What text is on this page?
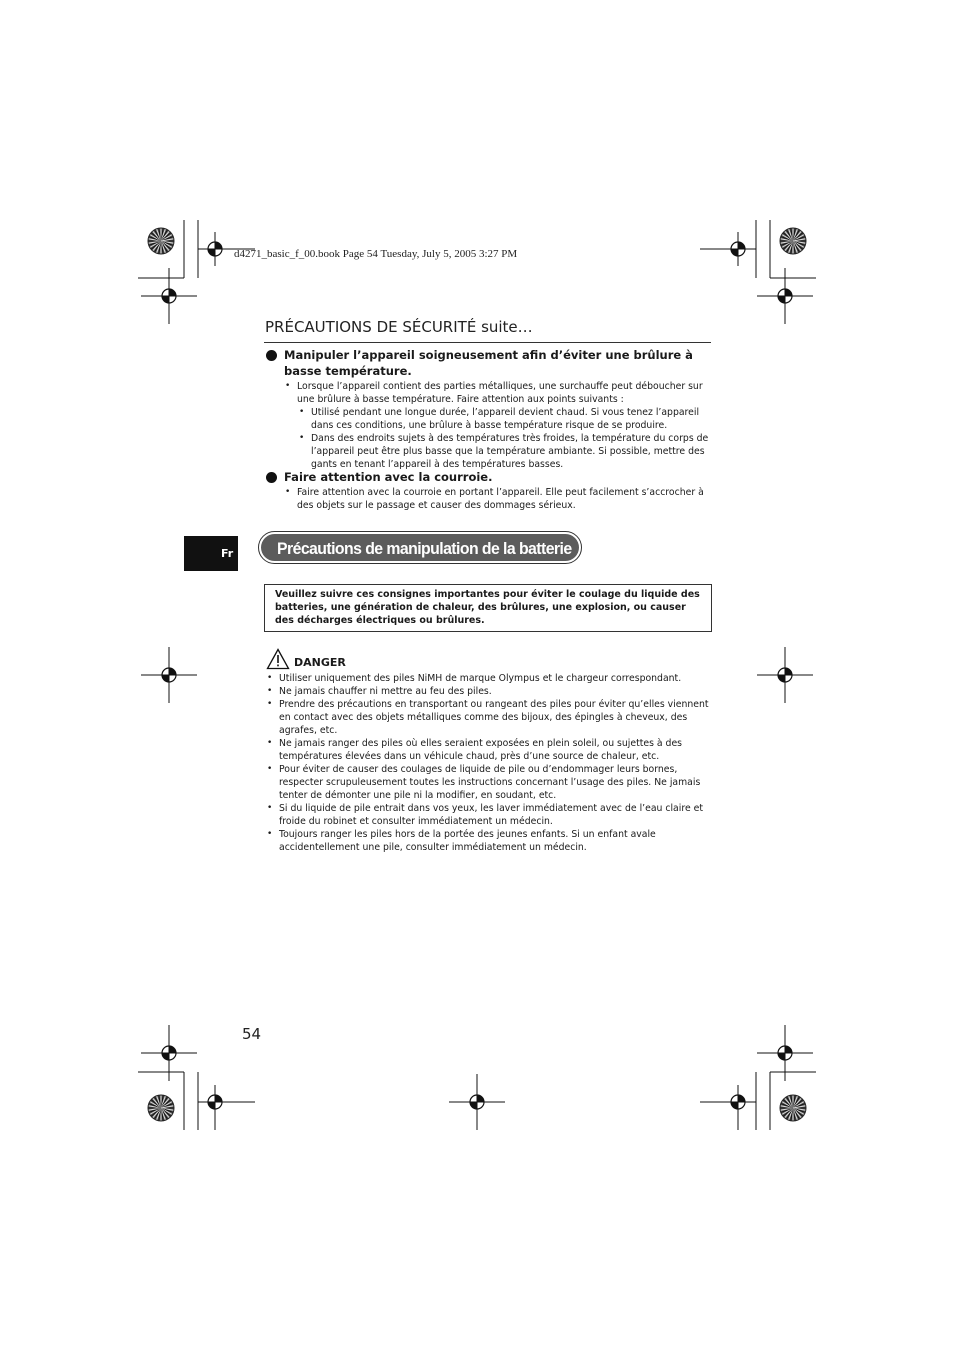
d4271_basic_f_00.book Page 54 Tuesday, July 5, 2005 3:27 PM
PRÉCAUTIONS DE SÉCURITÉ suite…
Manipuler l’appareil soigneusement afin d’éviter une brûlure à basse température.
• Lorsque l’appareil contient des parties métalliques, une surchauffe peut déboucher sur une brûlure à basse température. Faire attention aux points suivants :
• Utilisé pendant une longue durée, l’appareil devient chaud. Si vous tenez l’appareil dans ces conditions, une brûlure à basse température risque de se produire.
• Dans des endroits sujets à des températures très froides, la température du corps de l’appareil peut être plus basse que la température ambiante. Si possible, mettre des gants en tenant l’appareil à des températures basses.
Faire attention avec la courroie.
• Faire attention avec la courroie en portant l’appareil. Elle peut facilement s’accrocher à des objets sur le passage et causer des dommages sérieux.
Fr	Précautions de manipulation de la batterie
Veuillez suivre ces consignes importantes pour éviter le coulage du liquide des batteries, une génération de chaleur, des brûlures, une explosion, ou causer des décharges électriques ou brûlures.
DANGER
• Utiliser uniquement des piles NiMH de marque Olympus et le chargeur correspondant.
• Ne jamais chauffer ni mettre au feu des piles.
• Prendre des précautions en transportant ou rangeant des piles pour éviter qu’elles viennent en contact avec des objets métalliques comme des bijoux, des épingles à cheveux, des agrafes, etc.
• Ne jamais ranger des piles où elles seraient exposées en plein soleil, ou sujettes à des températures élevées dans un véhicule chaud, près d’une source de chaleur, etc.
• Pour éviter de causer des coulages de liquide de pile ou d’endommager leurs bornes, respecter scrupuleusement toutes les instructions concernant l’usage des piles. Ne jamais tenter de démonter une pile ni la modifier, en soudant, etc.
• Si du liquide de pile entrait dans vos yeux, les laver immédiatement avec de l’eau claire et froide du robinet et consulter immédiatement un médecin.
• Toujours ranger les piles hors de la portée des jeunes enfants. Si un enfant avale accidentellement une pile, consulter immédiatement un médecin.
54
